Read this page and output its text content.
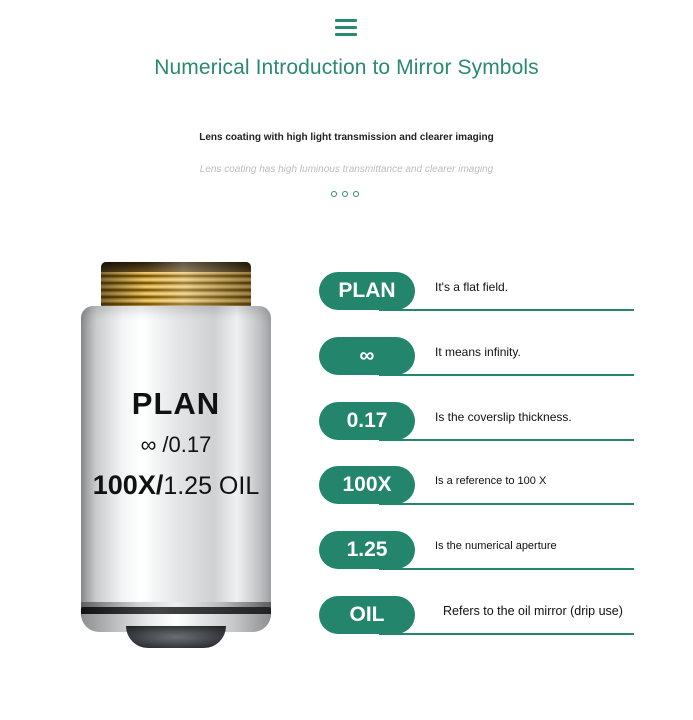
Numerical Introduction to Mirror Symbols
Lens coating with high light transmission and clearer imaging
Lens coating has high luminous transmittance and clearer imaging
PLAN
∞ /0.17
100X/1.25 OIL
PLAN	It's a flat field.
∞	It means infinity.
0.17	Is the coverslip thickness.
100X	Is a reference to 100 X
1.25	Is the numerical aperture
OIL	Refers to the oil mirror (drip use)
